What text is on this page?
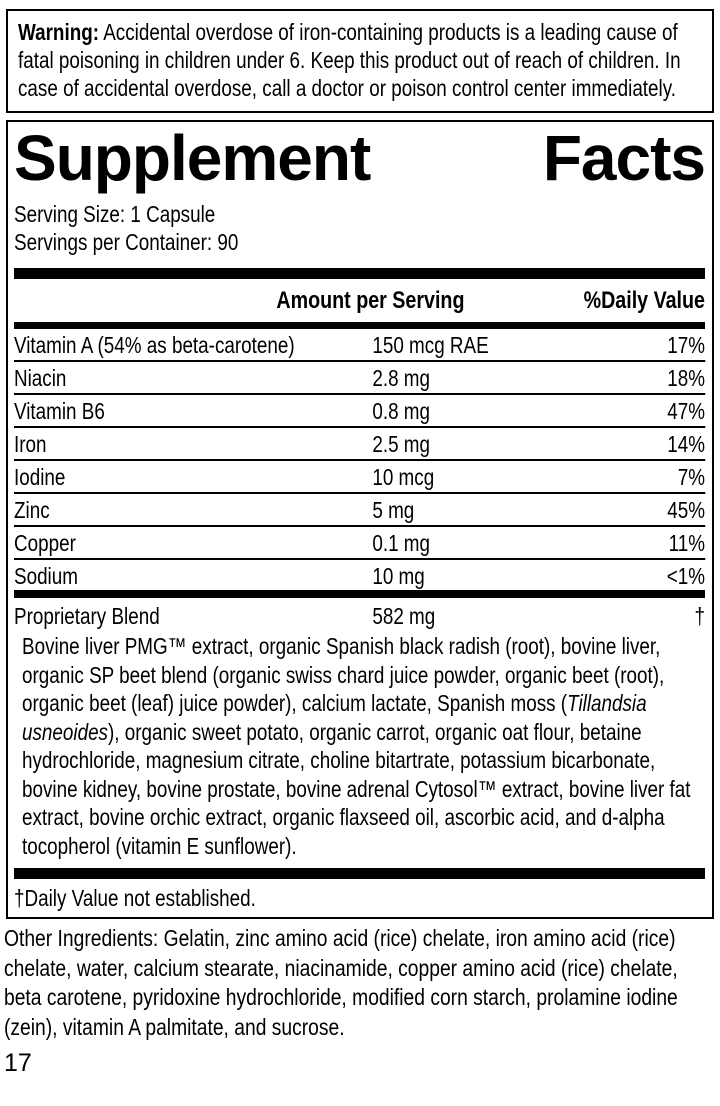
Warning: Accidental overdose of iron-containing products is a leading cause of fatal poisoning in children under 6. Keep this product out of reach of children. In case of accidental overdose, call a doctor or poison control center immediately.

Supplement	Facts

Serving Size: 1 Capsule

Servings per Container: 90

Amount per Serving	%Daily Value
Vitamin A (54% as beta-carotene)	150 mcg RAE	17%
Niacin	2.8 mg	18%
Vitamin B6	0.8 mg	47%
Iron	2.5 mg	14%
Iodine	10 mcg	7%
Zinc	5 mg	45%
Copper	0.1 mg	11%
Sodium	10 mg	<1%
Proprietary Blend	582 mg	†

Bovine liver PMG™ extract, organic Spanish black radish (root), bovine liver, organic SP beet blend (organic swiss chard juice powder, organic beet (root), organic beet (leaf) juice powder), calcium lactate, Spanish moss (Tillandsia usneoides), organic sweet potato, organic carrot, organic oat flour, betaine hydrochloride, magnesium citrate, choline bitartrate, potassium bicarbonate, bovine kidney, bovine prostate, bovine adrenal Cytosol™ extract, bovine liver fat extract, bovine orchic extract, organic flaxseed oil, ascorbic acid, and d-alpha tocopherol (vitamin E sunflower).

†Daily Value not established.

Other Ingredients: Gelatin, zinc amino acid (rice) chelate, iron amino acid (rice) chelate, water, calcium stearate, niacinamide, copper amino acid (rice) chelate, beta carotene, pyridoxine hydrochloride, modified corn starch, prolamine iodine (zein), vitamin A palmitate, and sucrose.

17
